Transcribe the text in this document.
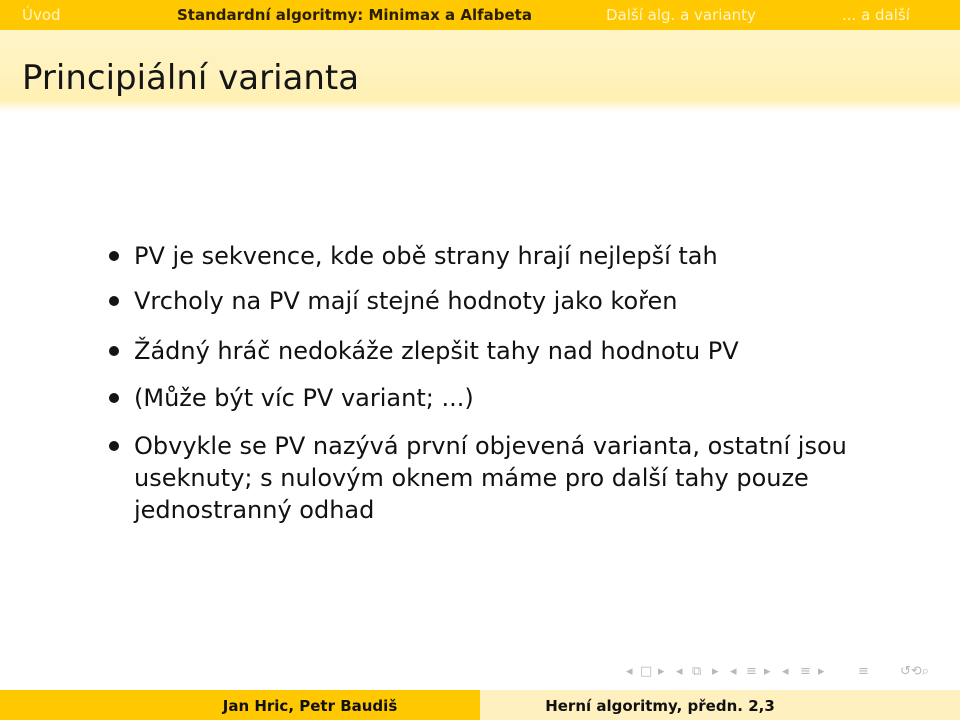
Úvod	Standardní algoritmy: Minimax a Alfabeta	Další alg. a varianty	... a další
Principiální varianta
PV je sekvence, kde obě strany hrají nejlepší tah
Vrcholy na PV mají stejné hodnoty jako kořen
Žádný hráč nedokáže zlepšit tahy nad hodnotu PV
(Může být víc PV variant; ...)
Obvykle se PV nazývá první objevená varianta, ostatní jsou useknuty; s nulovým oknem máme pro další tahy pouze jednostranný odhad
◂ □ ▸ ◂ ⧉ ▸ ◂ ≡ ▸ ◂ ≡ ▸	≡ ↺⟲⌕
Jan Hric, Petr Baudiš	Herní algoritmy, předn. 2,3
